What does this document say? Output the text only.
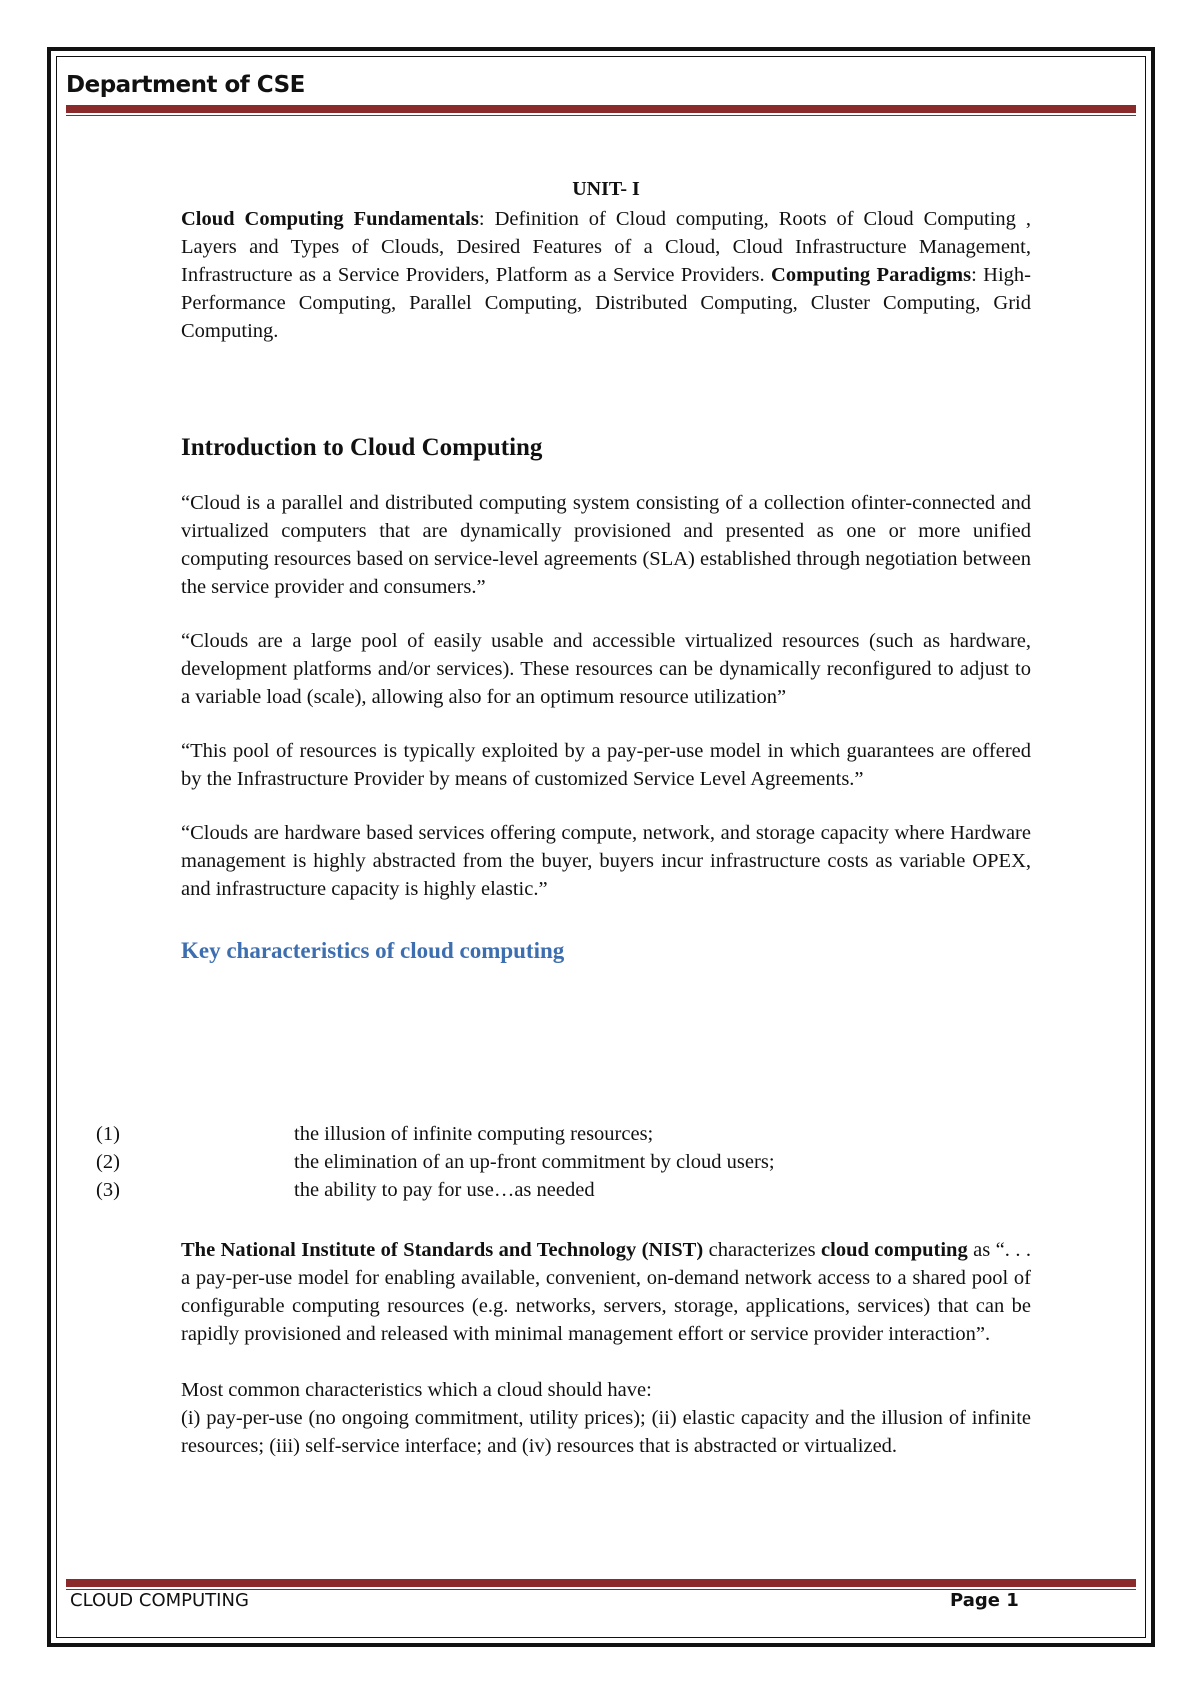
Department of CSE
UNIT- I

Cloud Computing Fundamentals: Definition of Cloud computing, Roots of Cloud Computing , Layers and Types of Clouds, Desired Features of a Cloud, Cloud Infrastructure Management, Infrastructure as a Service Providers, Platform as a Service Providers. Computing Paradigms: High-Performance Computing, Parallel Computing, Distributed Computing, Cluster Computing, Grid Computing.

Introduction to Cloud Computing

“Cloud is a parallel and distributed computing system consisting of a collection ofinter-connected and virtualized computers that are dynamically provisioned and presented as one or more unified computing resources based on service-level agreements (SLA) established through negotiation between the service provider and consumers.”

“Clouds are a large pool of easily usable and accessible virtualized resources (such as hardware, development platforms and/or services). These resources can be dynamically reconfigured to adjust to a variable load (scale), allowing also for an optimum resource utilization”

“This pool of resources is typically exploited by a pay-per-use model in which guarantees are offered by the Infrastructure Provider by means of customized Service Level Agreements.”

“Clouds are hardware based services offering compute, network, and storage capacity where Hardware management is highly abstracted from the buyer, buyers incur infrastructure costs as variable OPEX, and infrastructure capacity is highly elastic.”

Key characteristics of cloud computing
(1)	the illusion of infinite computing resources;
(2)	the elimination of an up-front commitment by cloud users;
(3)	the ability to pay for use…as needed

The National Institute of Standards and Technology (NIST) characterizes cloud computing as “. . . a pay-per-use model for enabling available, convenient, on-demand network access to a shared pool of configurable computing resources (e.g. networks, servers, storage, applications, services) that can be rapidly provisioned and released with minimal management effort or service provider interaction”.

Most common characteristics which a cloud should have:

(i) pay-per-use (no ongoing commitment, utility prices); (ii) elastic capacity and the illusion of infinite resources; (iii) self-service interface; and (iv) resources that is abstracted or virtualized.

CLOUD COMPUTING	Page 1
